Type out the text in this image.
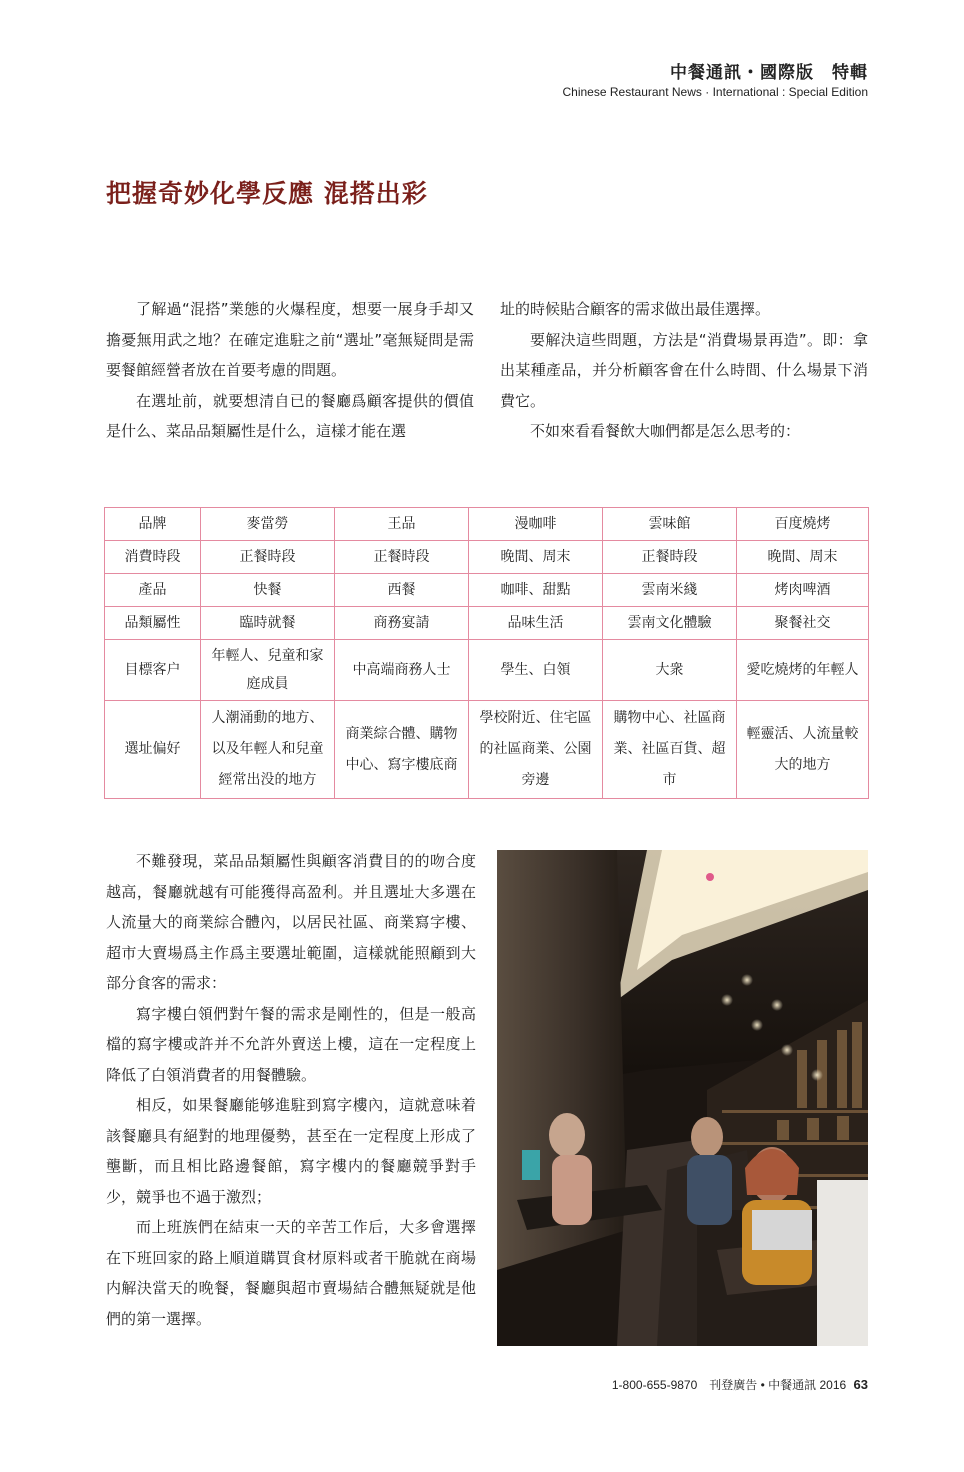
中餐通訊・國際版　特輯
Chinese Restaurant News · International : Special Edition
把握奇妙化學反應 混搭出彩

了解過“混搭”業態的火爆程度，想要一展身手却又擔憂無用武之地？在確定進駐之前“選址”毫無疑問是需要餐館經營者放在首要考慮的問題。

在選址前，就要想清自已的餐廳爲顧客提供的價值是什么、菜品品類屬性是什么，這樣才能在選

址的時候貼合顧客的需求做出最佳選擇。

要解決這些問題，方法是“消費場景再造”。即：拿出某種產品，并分析顧客會在什么時間、什么場景下消費它。

不如來看看餐飲大咖們都是怎么思考的：

品牌	麥當勞	王品	漫咖啡	雲味館	百度燒烤
消費時段	正餐時段	正餐時段	晚間、周末	正餐時段	晚間、周末
產品	快餐	西餐	咖啡、甜點	雲南米綫	烤肉啤酒
品類屬性	臨時就餐	商務宴請	品味生活	雲南文化體驗	聚餐社交
目標客户	年輕人、兒童和家庭成員	中高端商務人士	學生、白領	大衆	愛吃燒烤的年輕人
選址偏好	人潮涌動的地方、以及年輕人和兒童經常出没的地方	商業綜合體、購物中心、寫字樓底商	學校附近、住宅區的社區商業、公園旁邊	購物中心、社區商業、社區百貨、超市	輕靈活、人流量較大的地方

不難發現，菜品品類屬性與顧客消費目的的吻合度越高，餐廳就越有可能獲得高盈利。并且選址大多選在人流量大的商業綜合體內，以居民社區、商業寫字樓、超市大賣場爲主作爲主要選址範圍，這樣就能照顧到大部分食客的需求：

寫字樓白領們對午餐的需求是剛性的，但是一般高檔的寫字樓或許并不允許外賣送上樓，這在一定程度上降低了白領消費者的用餐體驗。

相反，如果餐廳能够進駐到寫字樓內，這就意味着該餐廳具有絕對的地理優勢，甚至在一定程度上形成了壟斷，而且相比路邊餐館，寫字樓内的餐廳競爭對手少，競爭也不過于激烈；

而上班族們在結束一天的辛苦工作后，大多會選擇在下班回家的路上順道購買食材原料或者干脆就在商場内解決當天的晚餐，餐廳與超市賣場結合體無疑就是他們的第一選擇。

1-800-655-9870　刊登廣告 • 中餐通訊 2016 63
